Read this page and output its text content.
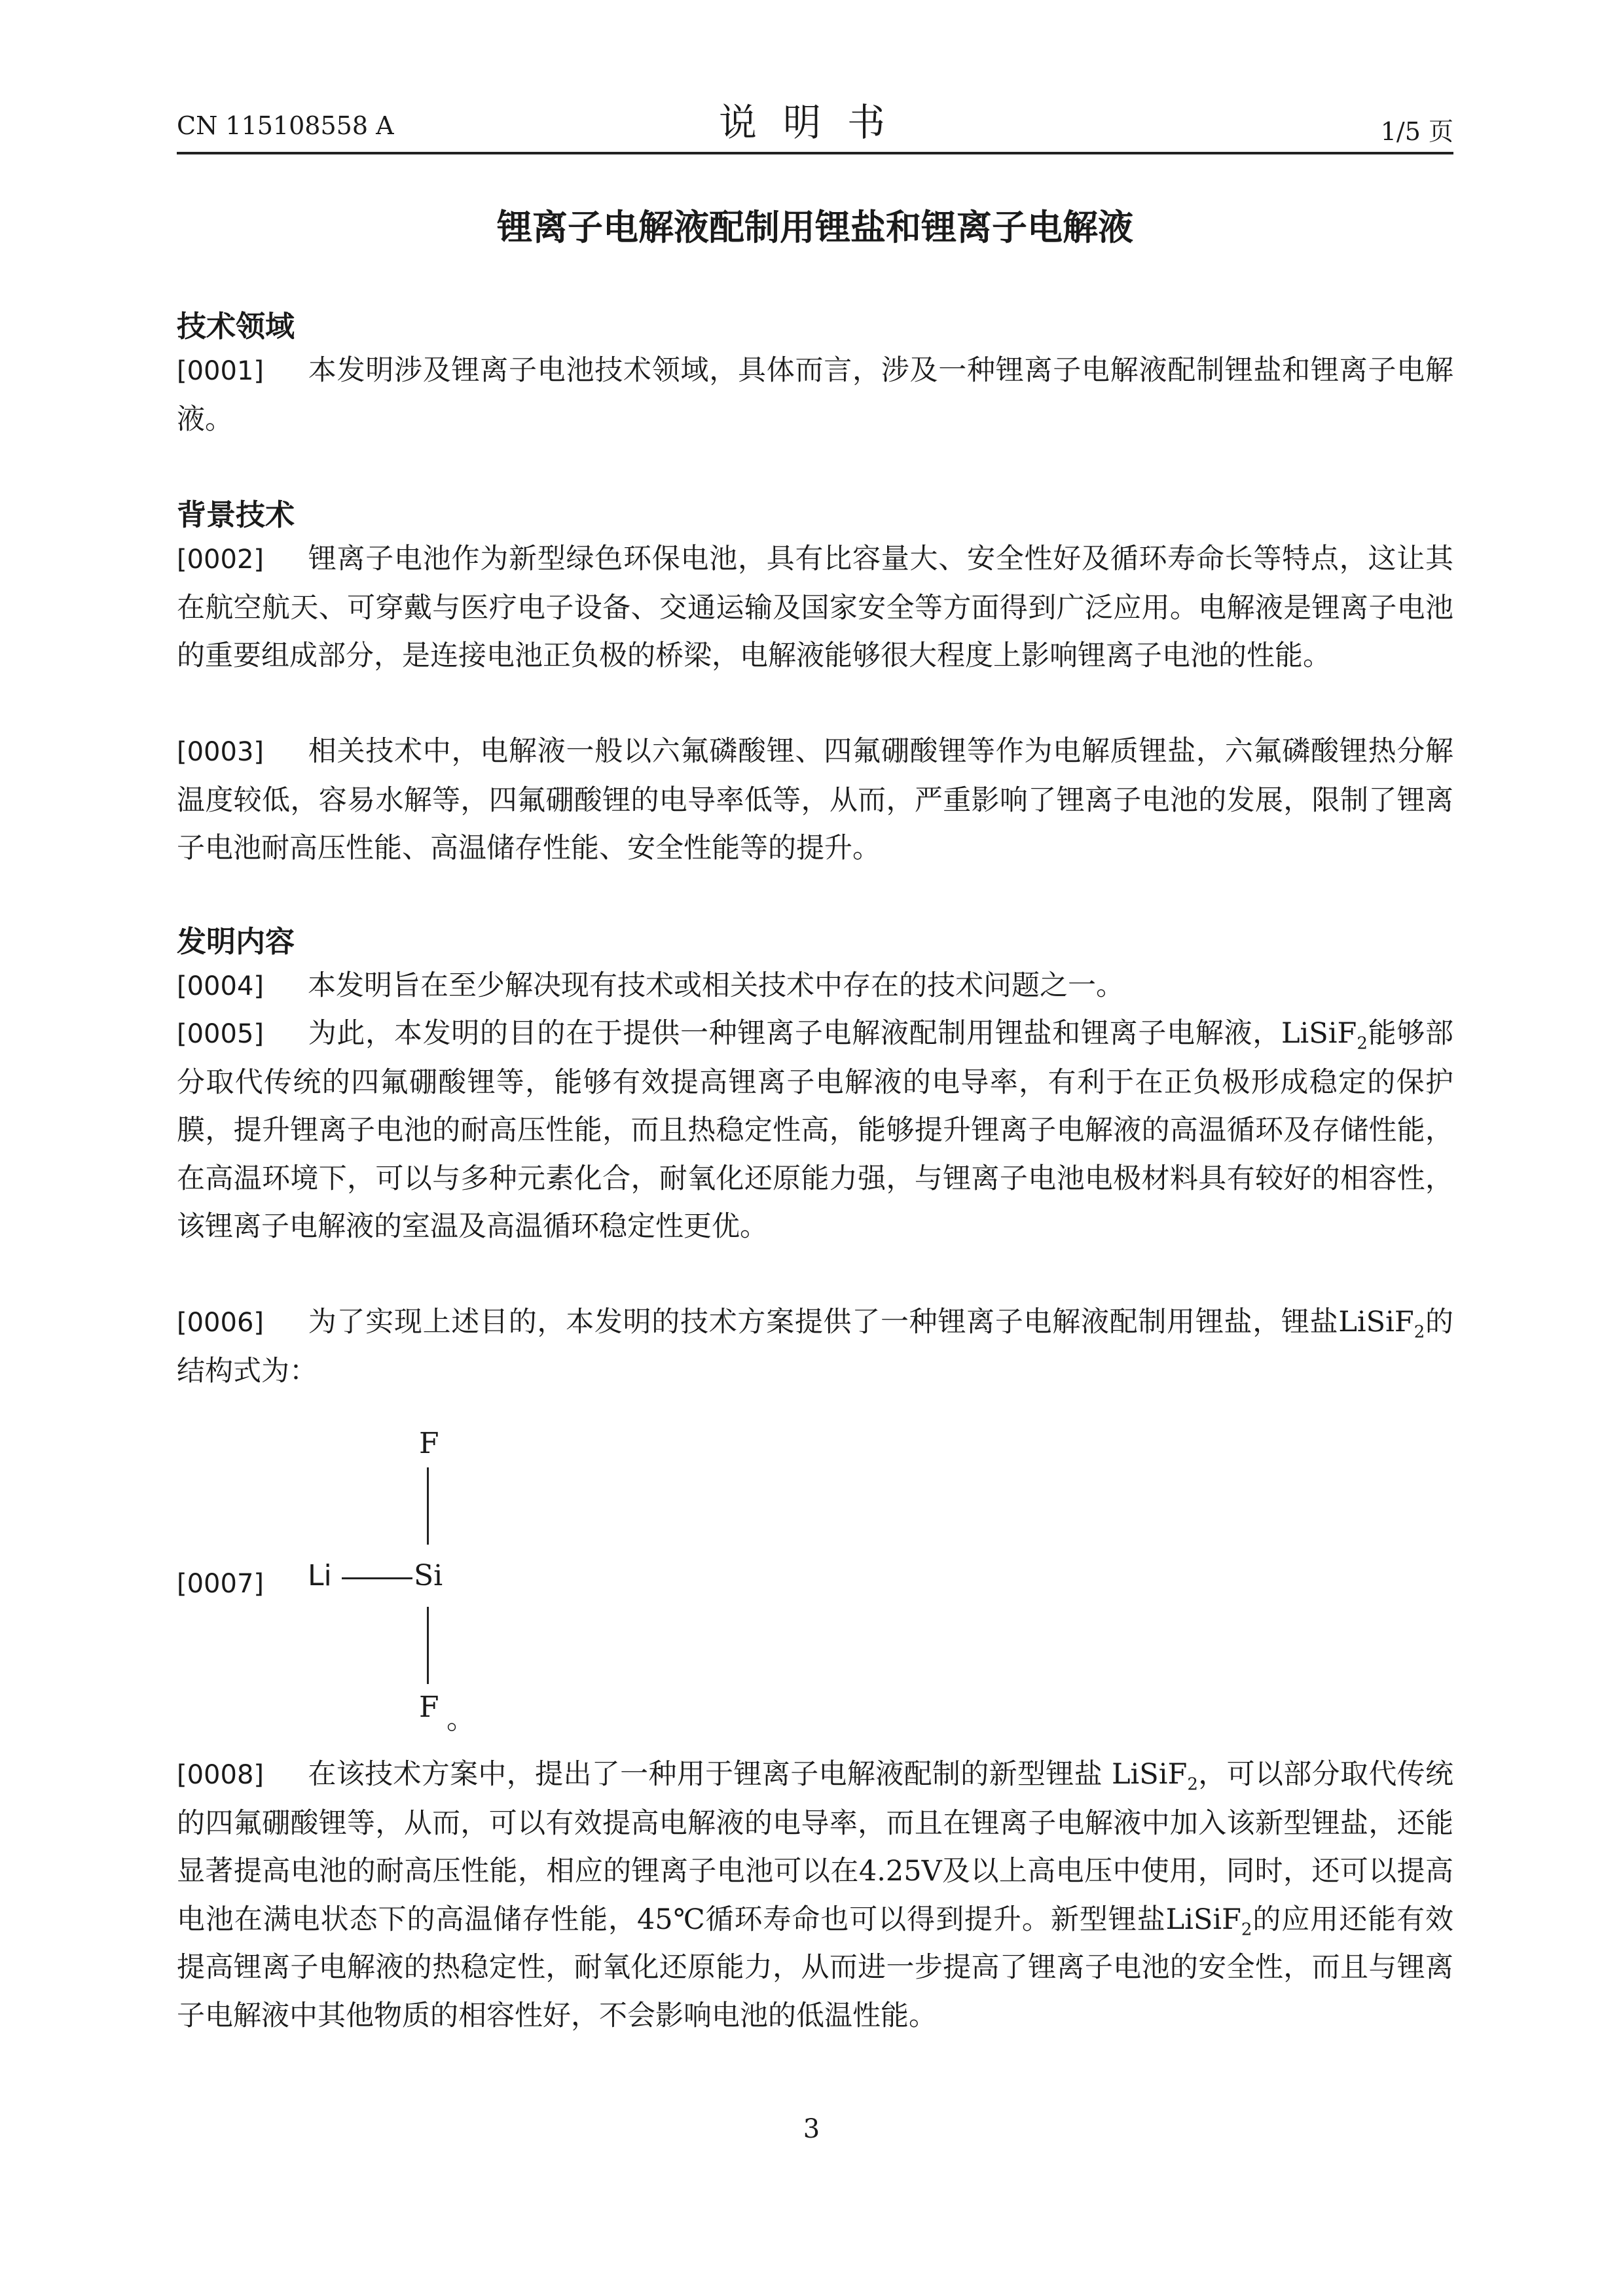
CN 115108558 A	说明书	1/5 页
锂离子电解液配制用锂盐和锂离子电解液
技术领域
[0001] 本发明涉及锂离子电池技术领域，具体而言，涉及一种锂离子电解液配制锂盐和锂离子电解液。
背景技术
[0002] 锂离子电池作为新型绿色环保电池，具有比容量大、安全性好及循环寿命长等特点，这让其在航空航天、可穿戴与医疗电子设备、交通运输及国家安全等方面得到广泛应用。电解液是锂离子电池的重要组成部分，是连接电池正负极的桥梁，电解液能够很大程度上影响锂离子电池的性能。
[0003] 相关技术中，电解液一般以六氟磷酸锂、四氟硼酸锂等作为电解质锂盐，六氟磷酸锂热分解温度较低，容易水解等，四氟硼酸锂的电导率低等，从而，严重影响了锂离子电池的发展，限制了锂离子电池耐高压性能、高温储存性能、安全性能等的提升。
发明内容
[0004] 本发明旨在至少解决现有技术或相关技术中存在的技术问题之一。
[0005] 为此，本发明的目的在于提供一种锂离子电解液配制用锂盐和锂离子电解液，LiSiF$_2$能够部分取代传统的四氟硼酸锂等，能够有效提高锂离子电解液的电导率，有利于在正负极形成稳定的保护膜，提升锂离子电池的耐高压性能，而且热稳定性高，能够提升锂离子电解液的高温循环及存储性能，在高温环境下，可以与多种元素化合，耐氧化还原能力强，与锂离子电池电极材料具有较好的相容性，该锂离子电解液的室温及高温循环稳定性更优。
[0006] 为了实现上述目的，本发明的技术方案提供了一种锂离子电解液配制用锂盐，锂盐LiSiF$_2$的结构式为：
[0007]
F
Li	Si
F 。
[0008] 在该技术方案中，提出了一种用于锂离子电解液配制的新型锂盐 LiSiF$_2$，可以部分取代传统的四氟硼酸锂等，从而，可以有效提高电解液的电导率，而且在锂离子电解液中加入该新型锂盐，还能显著提高电池的耐高压性能，相应的锂离子电池可以在4.25V及以上高电压中使用，同时，还可以提高电池在满电状态下的高温储存性能，45℃循环寿命也可以得到提升。新型锂盐LiSiF$_2$的应用还能有效提高锂离子电解液的热稳定性，耐氧化还原能力，从而进一步提高了锂离子电池的安全性，而且与锂离子电解液中其他物质的相容性好，不会影响电池的低温性能。
3
